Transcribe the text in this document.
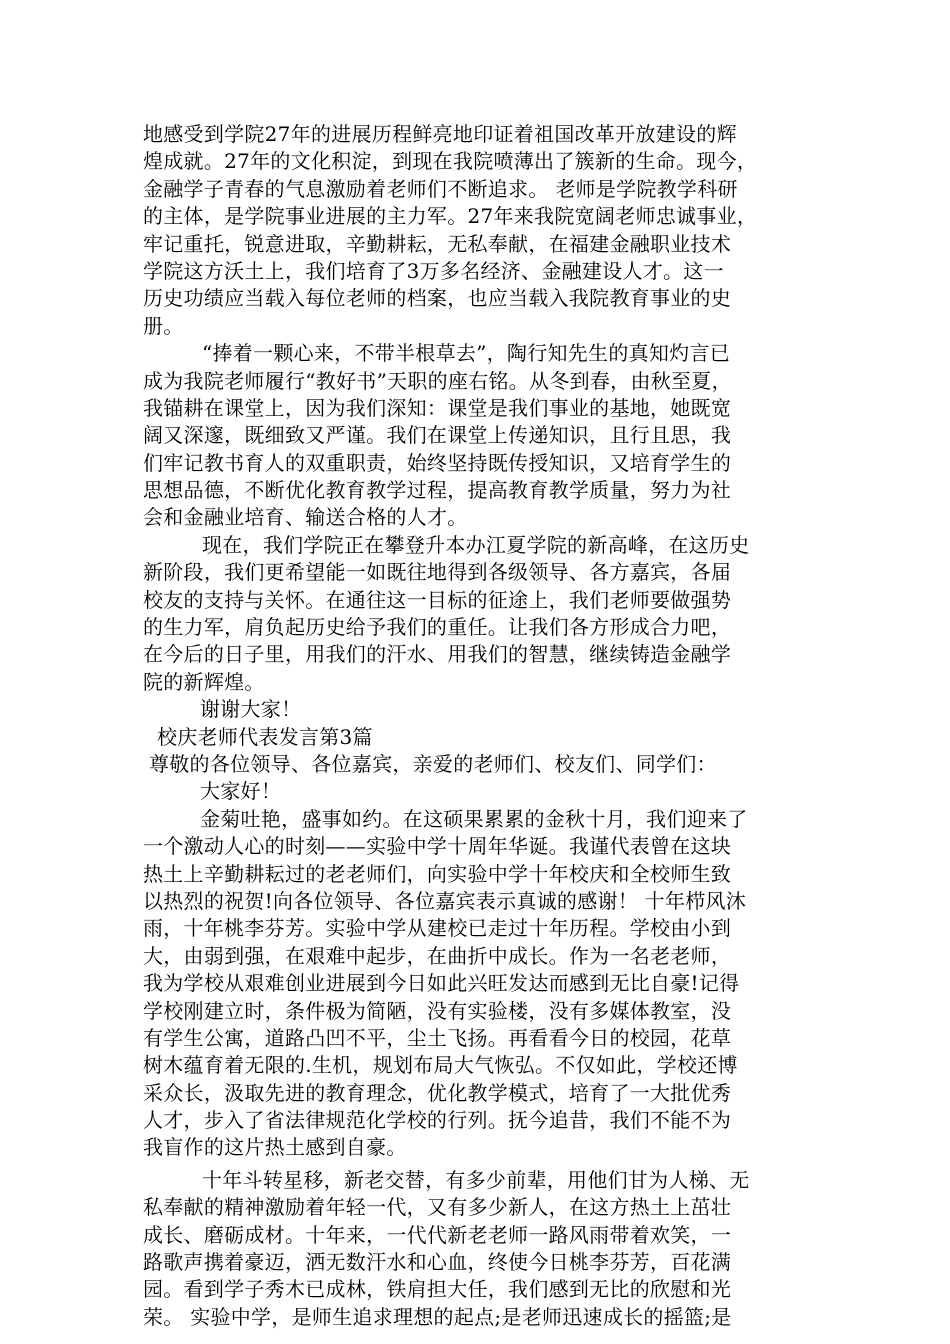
地感受到学院27年的进展历程鲜亮地印证着祖国改革开放建设的辉
煌成就。27年的文化积淀，到现在我院喷薄出了簇新的生命。现今，
金融学子青春的气息激励着老师们不断追求。 老师是学院教学科研
的主体，是学院事业进展的主力军。27年来我院宽阔老师忠诚事业，
牢记重托，锐意进取，辛勤耕耘，无私奉献，在福建金融职业技术
学院这方沃土上，我们培育了3万多名经济、金融建设人才。这一
历史功绩应当载入每位老师的档案，也应当载入我院教育事业的史
册。
“捧着一颗心来，不带半根草去”，陶行知先生的真知灼言已
成为我院老师履行“教好书”天职的座右铭。从冬到春，由秋至夏，
我锚耕在课堂上，因为我们深知：课堂是我们事业的基地，她既宽
阔又深邃，既细致又严谨。我们在课堂上传递知识，且行且思，我
们牢记教书育人的双重职责，始终坚持既传授知识，又培育学生的
思想品德，不断优化教育教学过程，提高教育教学质量，努力为社
会和金融业培育、输送合格的人才。
现在，我们学院正在攀登升本办江夏学院的新高峰，在这历史
新阶段，我们更希望能一如既往地得到各级领导、各方嘉宾，各届
校友的支持与关怀。在通往这一目标的征途上，我们老师要做强势
的生力军，肩负起历史给予我们的重任。让我们各方形成合力吧，
在今后的日子里，用我们的汗水、用我们的智慧，继续铸造金融学
院的新辉煌。
谢谢大家！
校庆老师代表发言第3篇
尊敬的各位领导、各位嘉宾，亲爱的老师们、校友们、同学们：
大家好！
金菊吐艳，盛事如约。在这硕果累累的金秋十月，我们迎来了
一个激动人心的时刻——实验中学十周年华诞。我谨代表曾在这块
热土上辛勤耕耘过的老老师们，向实验中学十年校庆和全校师生致
以热烈的祝贺!向各位领导、各位嘉宾表示真诚的感谢！ 十年栉风沐
雨，十年桃李芬芳。实验中学从建校已走过十年历程。学校由小到
大，由弱到强，在艰难中起步，在曲折中成长。作为一名老老师，
我为学校从艰难创业进展到今日如此兴旺发达而感到无比自豪!记得
学校刚建立时，条件极为简陋，没有实验楼，没有多媒体教室，没
有学生公寓，道路凸凹不平，尘土飞扬。再看看今日的校园，花草
树木蕴育着无限的.生机，规划布局大气恢弘。不仅如此，学校还博
采众长，汲取先进的教育理念，优化教学模式，培育了一大批优秀
人才，步入了省法律规范化学校的行列。抚今追昔，我们不能不为
我盲作的这片热土感到自豪。
十年斗转星移，新老交替，有多少前辈，用他们甘为人梯、无
私奉献的精神激励着年轻一代，又有多少新人，在这方热土上茁壮
成长、磨砺成材。十年来，一代代新老老师一路风雨带着欢笑，一
路歌声携着豪迈，洒无数汗水和心血，终使今日桃李芬芳，百花满
园。看到学子秀木已成林，铁肩担大任，我们感到无比的欣慰和光
荣。 实验中学，是师生追求理想的起点;是老师迅速成长的摇篮;是
